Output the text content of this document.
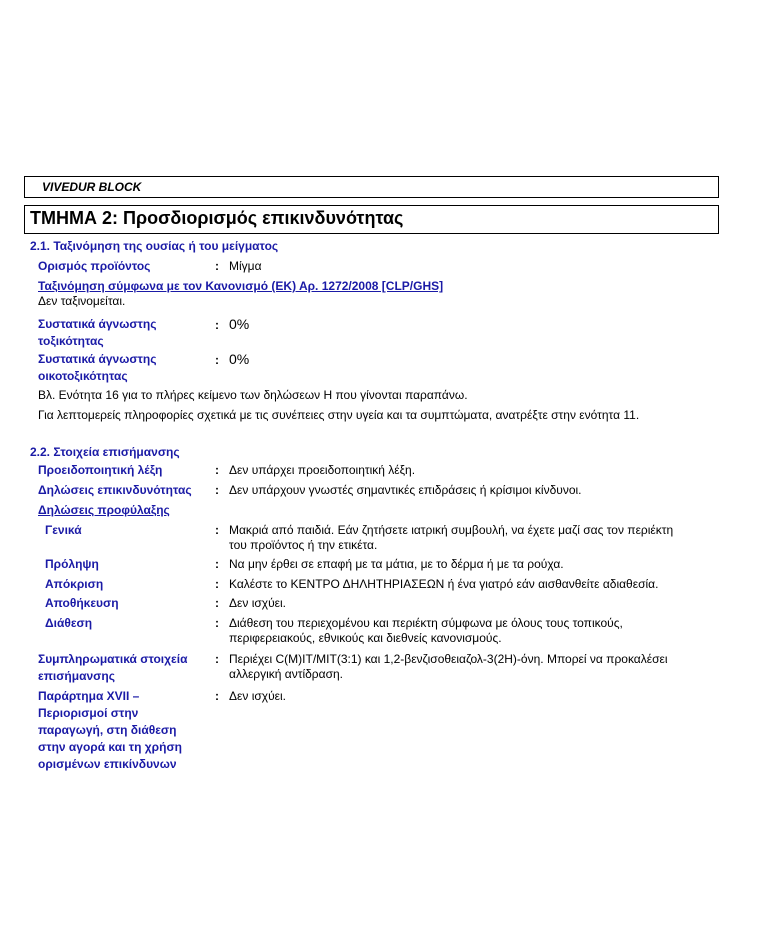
VIVEDUR BLOCK
ΤΜΗΜΑ 2: Προσδιορισμός επικινδυνότητας
2.1. Ταξινόμηση της ουσίας ή του μείγματος
Ορισμός προϊόντος	: Μίγμα
Ταξινόμηση σύμφωνα με τον Κανονισμό (ΕΚ) Αρ. 1272/2008 [CLP/GHS]
Δεν ταξινομείται.
Συστατικά άγνωστης
τοξικότητας
: 0%
Συστατικά άγνωστης
οικοτοξικότητας
: 0%
Βλ. Ενότητα 16 για το πλήρες κείμενο των δηλώσεων Η που γίνονται παραπάνω.
Για λεπτομερείς πληροφορίες σχετικά με τις συνέπειες στην υγεία και τα συμπτώματα, ανατρέξτε στην ενότητα 11.
2.2. Στοιχεία επισήμανσης
Προειδοποιητική λέξη	: Δεν υπάρχει προειδοποιητική λέξη.
Δηλώσεις επικινδυνότητας : Δεν υπάρχουν γνωστές σημαντικές επιδράσεις ή κρίσιμοι κίνδυνοι.
Δηλώσεις προφύλαξης
Γενικά	: Μακριά από παιδιά. Εάν ζητήσετε ιατρική συμβουλή, να έχετε μαζί σας τον περιέκτη
του προϊόντος ή την ετικέτα.
Πρόληψη	: Να μην έρθει σε επαφή με τα μάτια, με το δέρμα ή με τα ρούχα.
Απόκριση	: Καλέστε το ΚΕΝΤΡΟ ΔΗΛΗΤΗΡΙΑΣΕΩΝ ή ένα γιατρό εάν αισθανθείτε αδιαθεσία.
Αποθήκευση	: Δεν ισχύει.
Διάθεση	: Διάθεση του περιεχομένου και περιέκτη σύμφωνα με όλους τους τοπικούς,
περιφερειακούς, εθνικούς και διεθνείς κανονισμούς.
Συμπληρωματικά στοιχεία
επισήμανσης
: Περιέχει C(M)IT/MIT(3:1) και 1,2-βενζισοθειαζολ-3(2H)-όνη. Μπορεί να προκαλέσει
αλλεργική αντίδραση.
Παράρτημα XVII –
Περιορισμοί στην
παραγωγή, στη διάθεση
στην αγορά και τη χρήση
ορισμένων επικίνδυνων
: Δεν ισχύει.
